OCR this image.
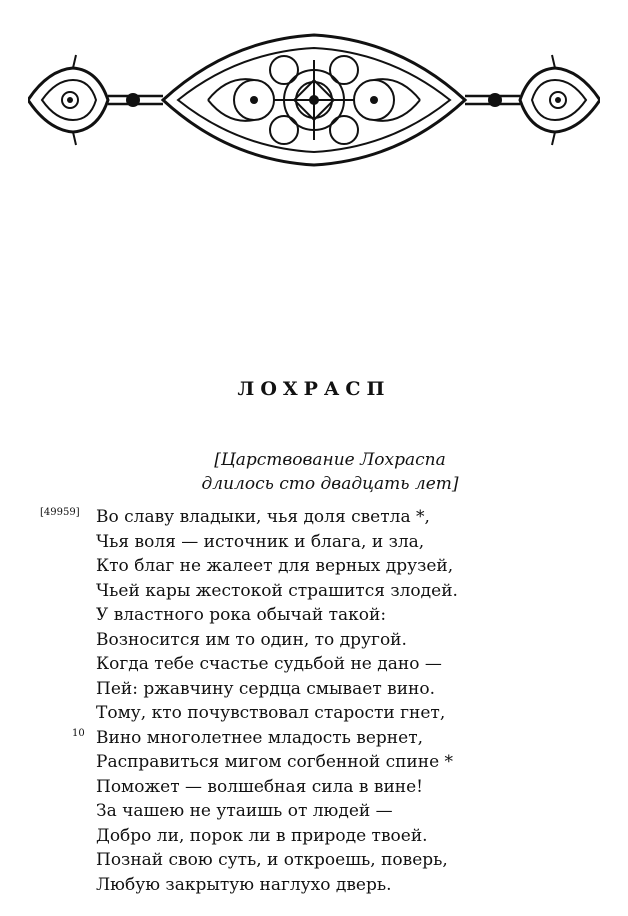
ЛОХРАСП
[Царствование Лохраспа
длилось сто двадцать лет]
[49959] Во славу владыки, чья доля светла *,
Чья воля — источник и блага, и зла,
Кто благ не жалеет для верных друзей,
Чьей кары жестокой страшится злодей.
У властного рока обычай такой:
Возносится им то один, то другой.
Когда тебе счастье судьбой не дано —
Пей: ржавчину сердца смывает вино.
Тому, кто почувствовал старости гнет,
10 Вино многолетнее младость вернет,
Расправиться мигом согбенной спине *
Поможет — волшебная сила в вине!
За чашею не утаишь от людей —
Добро ли, порок ли в природе твоей.
Познай свою суть, и откроешь, поверь,
Любую закрытую наглухо дверь.
